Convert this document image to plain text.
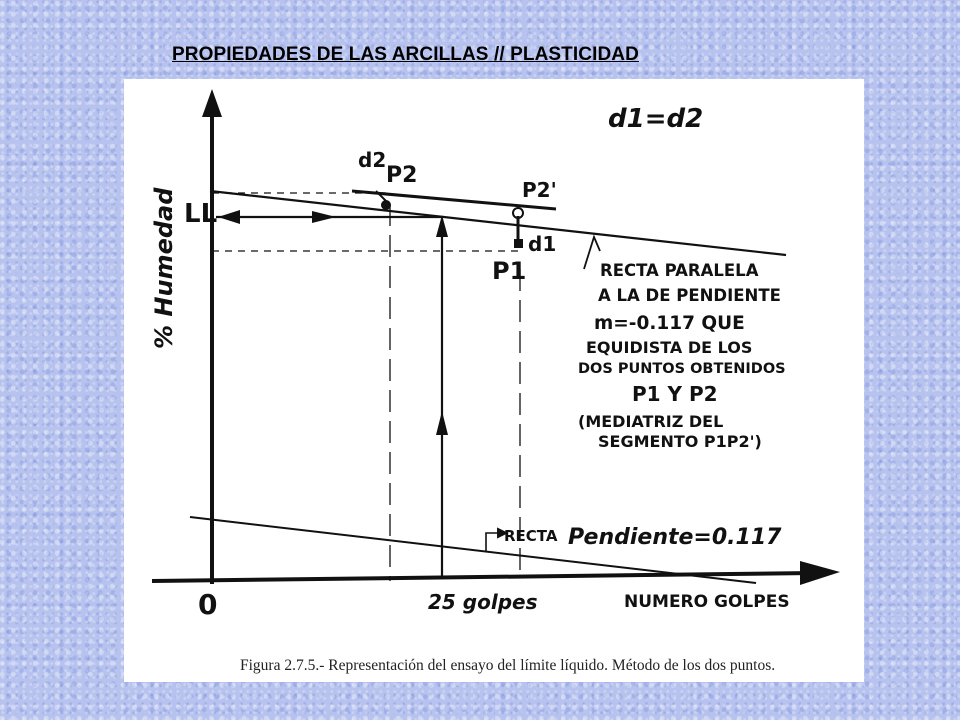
PROPIEDADES DE LAS ARCILLAS // PLASTICIDAD
% Humedad LL
0	25 golpes	NUMERO GOLPES
d1=d2
P2
d2
P2'
d1
P1	RECTA PARALELA
A LA DE PENDIENTE
m=-0.117 QUE
EQUIDISTA DE LOS
DOS PUNTOS OBTENIDOS
P1 Y P2
(MEDIATRIZ DEL
SEGMENTO P1P2')
RECTA Pendiente=0.117
Figura 2.7.5.- Representación del ensayo del límite líquido. Método de los dos puntos.
